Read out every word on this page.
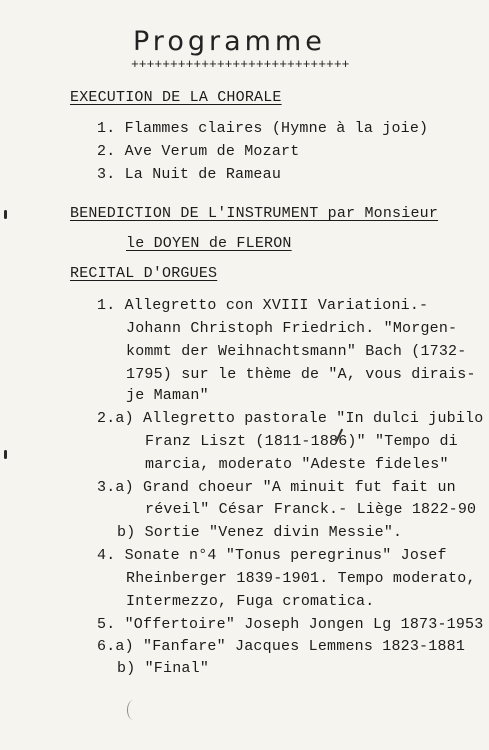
Programme
++++++++++++++++++++++++++++
EXECUTION DE LA CHORALE
1. Flammes claires (Hymne à la joie)
2. Ave Verum de Mozart
3. La Nuit de Rameau
BENEDICTION DE L'INSTRUMENT par Monsieur
le DOYEN de FLERON
RECITAL D'ORGUES
1. Allegretto con XVIII Variationi.-
Johann Christoph Friedrich. "Morgen-
kommt der Weihnachtsmann" Bach (1732-
1795) sur le thème de "A, vous dirais-
je Maman"
2.a) Allegretto pastorale "In dulci jubilo
Franz Liszt (1811-1886)" "Tempo di
marcia, moderato "Adeste fideles"
3.a) Grand choeur "A minuit fut fait un
réveil" César Franck.- Liège 1822-90
b) Sortie "Venez divin Messie".
4. Sonate n°4 "Tonus peregrinus" Josef
Rheinberger 1839-1901. Tempo moderato,
Intermezzo, Fuga cromatica.
5. "Offertoire" Joseph Jongen Lg 1873-1953
6.a) "Fanfare" Jacques Lemmens 1823-1881
b) "Final"
